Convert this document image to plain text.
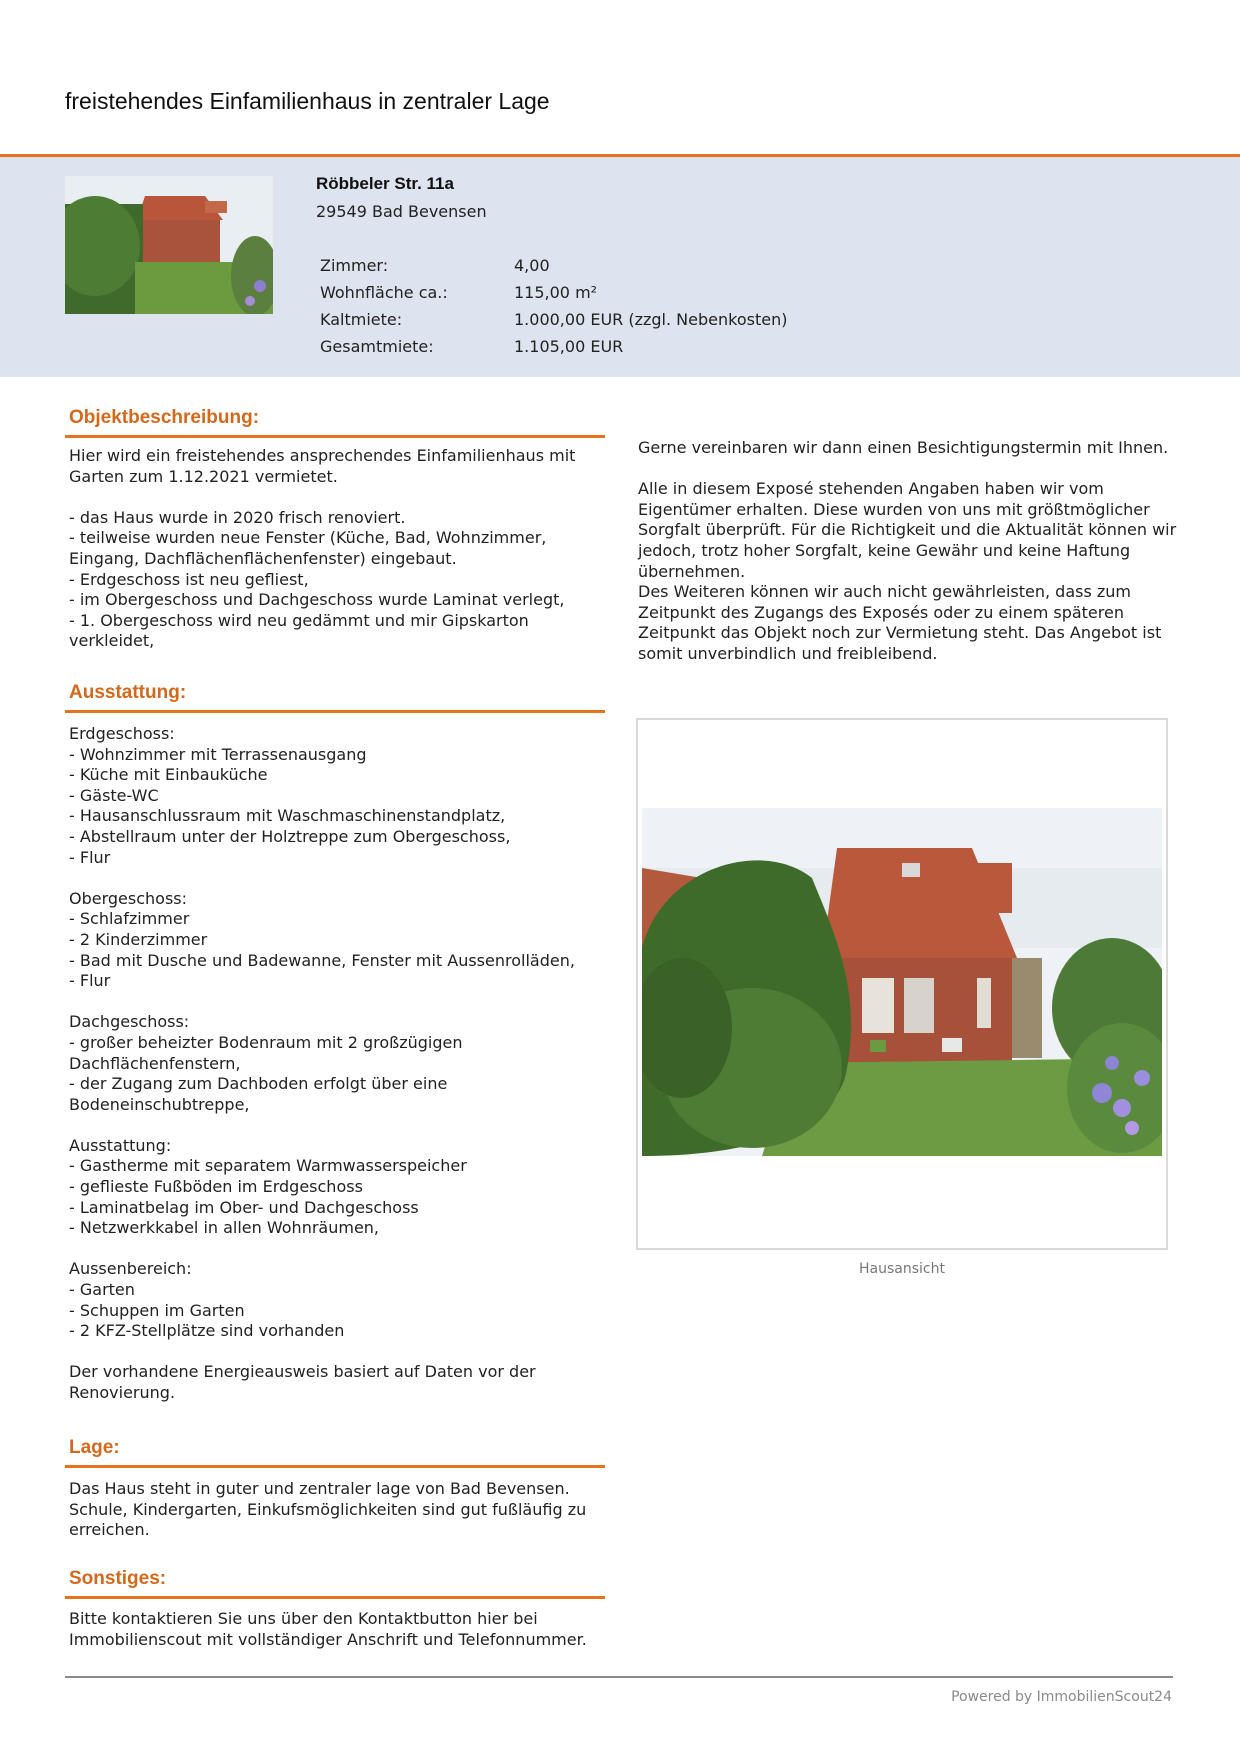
freistehendes Einfamilienhaus in zentraler Lage
Röbbeler Str. 11a
29549 Bad Bevensen
Zimmer:	4,00
Wohnfläche ca.:	115,00 m²
Kaltmiete:	1.000,00 EUR (zzgl. Nebenkosten)
Gesamtmiete:	1.105,00 EUR
Objektbeschreibung:
Hier wird ein freistehendes ansprechendes Einfamilienhaus mit Garten zum 1.12.2021 vermietet.

- das Haus wurde in 2020 frisch renoviert.
- teilweise wurden neue Fenster (Küche, Bad, Wohnzimmer, Eingang, Dachflächenflächenfenster) eingebaut.
- Erdgeschoss ist neu gefliest,
- im Obergeschoss und Dachgeschoss wurde Laminat verlegt,
- 1. Obergeschoss wird neu gedämmt und mir Gipskarton verkleidet,
Ausstattung:
Erdgeschoss:
- Wohnzimmer mit Terrassenausgang
- Küche mit Einbauküche
- Gäste-WC
- Hausanschlussraum mit Waschmaschinenstandplatz,
- Abstellraum unter der Holztreppe zum Obergeschoss,
- Flur

Obergeschoss:
- Schlafzimmer
- 2 Kinderzimmer
- Bad mit Dusche und Badewanne, Fenster mit Aussenrolläden,
- Flur

Dachgeschoss:
- großer beheizter Bodenraum mit 2 großzügigen Dachflächenfenstern,
- der Zugang zum Dachboden erfolgt über eine Bodeneinschubtreppe,

Ausstattung:
- Gastherme mit separatem Warmwasserspeicher
- geflieste Fußböden im Erdgeschoss
- Laminatbelag im Ober- und Dachgeschoss
- Netzwerkkabel in allen Wohnräumen,

Aussenbereich:
- Garten
- Schuppen im Garten
- 2 KFZ-Stellplätze sind vorhanden

Der vorhandene Energieausweis basiert auf Daten vor der Renovierung.
Lage:
Das Haus steht in guter und zentraler lage von Bad Bevensen. Schule, Kindergarten, Einkufsmöglichkeiten sind gut fußläufig zu erreichen.
Sonstiges:
Bitte kontaktieren Sie uns über den Kontaktbutton hier bei Immobilienscout mit vollständiger Anschrift und Telefonnummer.
Gerne vereinbaren wir dann einen Besichtigungstermin mit Ihnen.

Alle in diesem Exposé stehenden Angaben haben wir vom Eigentümer erhalten. Diese wurden von uns mit größtmöglicher Sorgfalt überprüft. Für die Richtigkeit und die Aktualität können wir jedoch, trotz hoher Sorgfalt, keine Gewähr und keine Haftung übernehmen.
Des Weiteren können wir auch nicht gewährleisten, dass zum Zeitpunkt des Zugangs des Exposés oder zu einem späteren Zeitpunkt das Objekt noch zur Vermietung steht. Das Angebot ist somit unverbindlich und freibleibend.
Hausansicht
Powered by ImmobilienScout24
